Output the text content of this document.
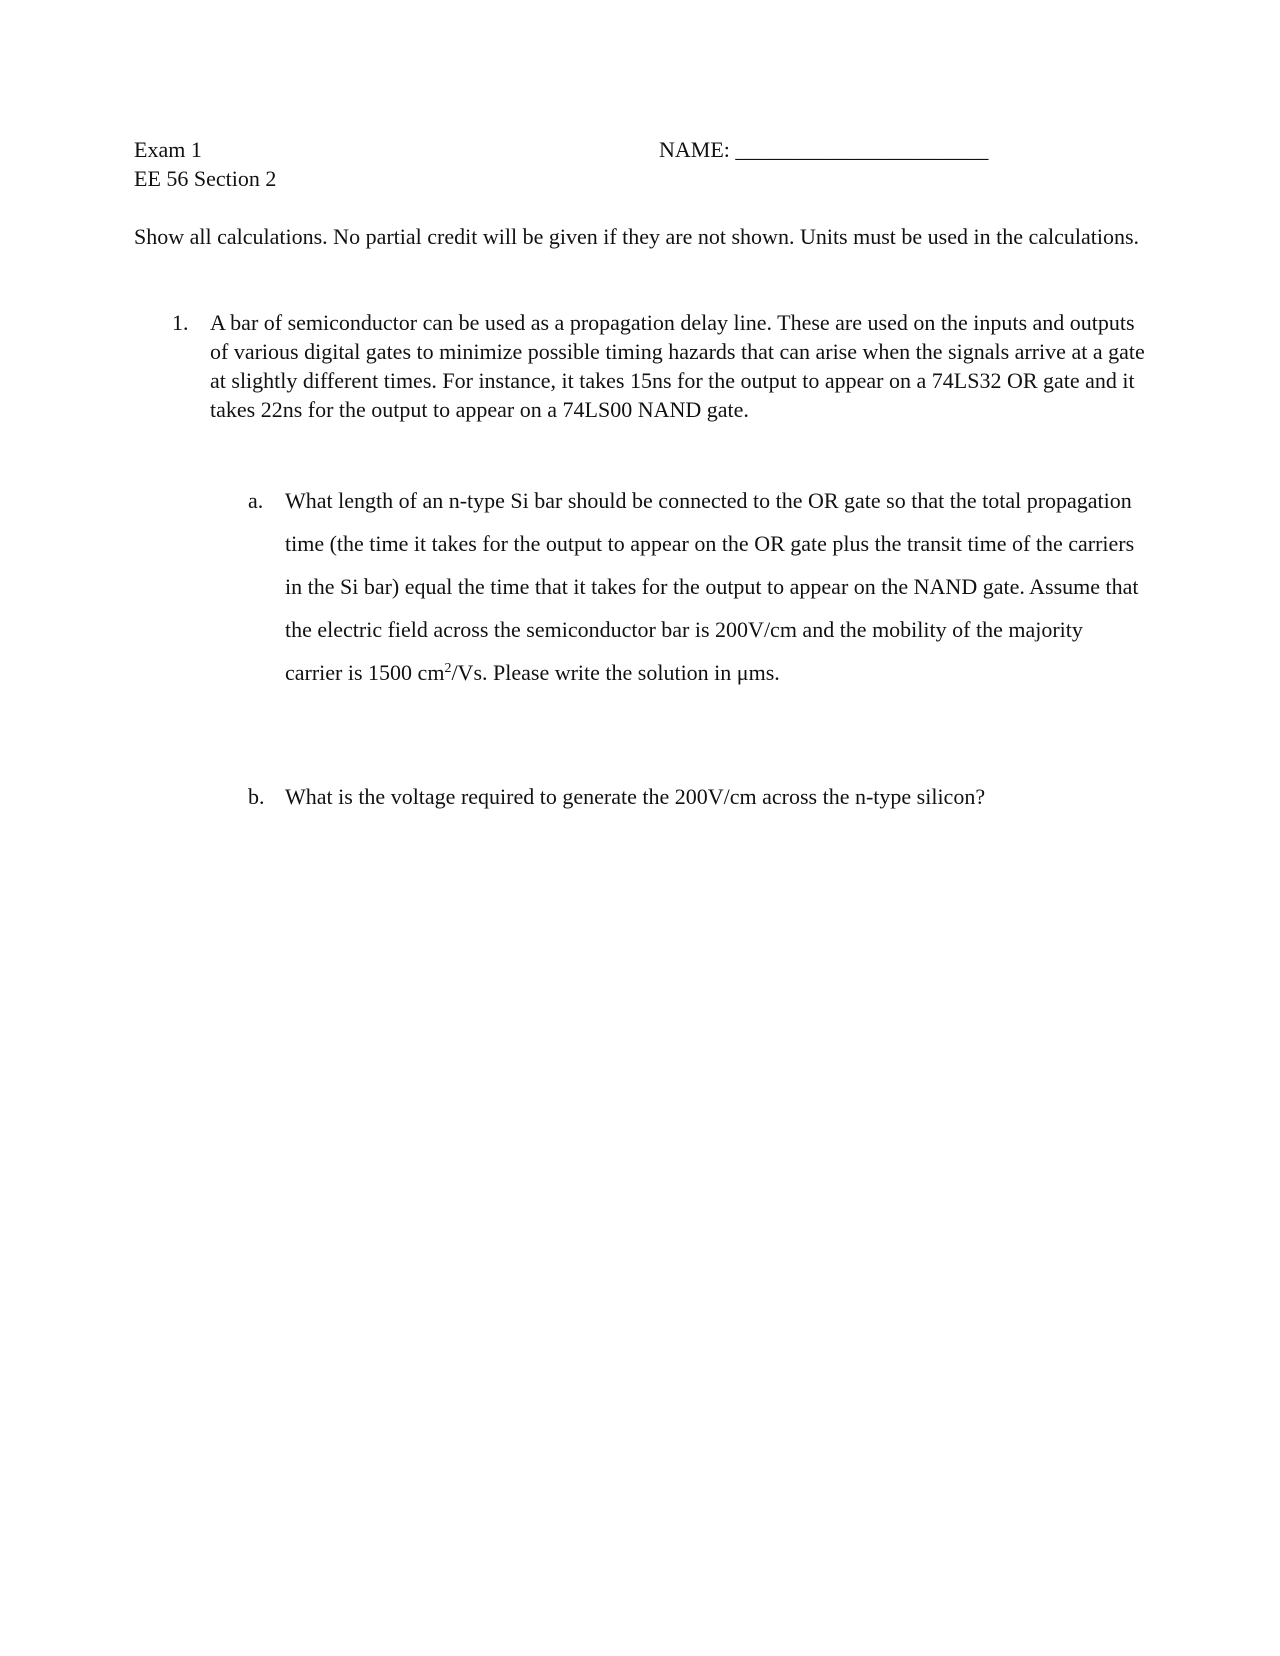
Exam 1
EE 56 Section 2
NAME: _______________________
Show all calculations. No partial credit will be given if they are not shown. Units must be used in the calculations.
1. A bar of semiconductor can be used as a propagation delay line. These are used on the inputs and outputs of various digital gates to minimize possible timing hazards that can arise when the signals arrive at a gate at slightly different times. For instance, it takes 15ns for the output to appear on a 74LS32 OR gate and it takes 22ns for the output to appear on a 74LS00 NAND gate.
a. What length of an n-type Si bar should be connected to the OR gate so that the total propagation time (the time it takes for the output to appear on the OR gate plus the transit time of the carriers in the Si bar) equal the time that it takes for the output to appear on the NAND gate. Assume that the electric field across the semiconductor bar is 200V/cm and the mobility of the majority carrier is 1500 $cm^2/Vs$. Please write the solution in μms.
b. What is the voltage required to generate the 200V/cm across the n-type silicon?
